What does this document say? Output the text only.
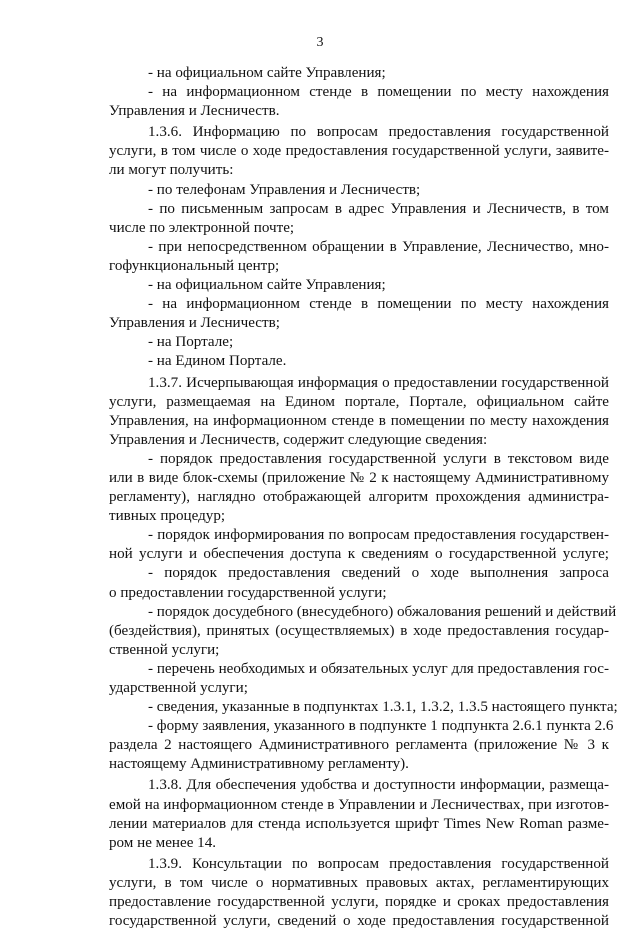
3
- на официальном сайте Управления;
- на информационном стенде в помещении по месту нахождения
Управления и Лесничеств.
1.3.6. Информацию по вопросам предоставления государственной
услуги, в том числе о ходе предоставления государственной услуги, заявите-
ли могут получить:
- по телефонам Управления и Лесничеств;
- по письменным запросам в адрес Управления и Лесничеств, в том
числе по электронной почте;
- при непосредственном обращении в Управление, Лесничество, мно-
гофункциональный центр;
- на официальном сайте Управления;
- на информационном стенде в помещении по месту нахождения
Управления и Лесничеств;
- на Портале;
- на Едином Портале.
1.3.7. Исчерпывающая информация о предоставлении государственной
услуги, размещаемая на Едином портале, Портале, официальном сайте
Управления, на информационном стенде в помещении по месту нахождения
Управления и Лесничеств, содержит следующие сведения:
- порядок предоставления государственной услуги в текстовом виде
или в виде блок-схемы (приложение № 2 к настоящему Административному
регламенту), наглядно отображающей алгоритм прохождения администра-
тивных процедур;
- порядок информирования по вопросам предоставления государствен-
ной услуги и обеспечения доступа к сведениям о государственной услуге;
- порядок предоставления сведений о ходе выполнения запроса
о предоставлении государственной услуги;
- порядок досудебного (внесудебного) обжалования решений и действий
(бездействия), принятых (осуществляемых) в ходе предоставления государ-
ственной услуги;
- перечень необходимых и обязательных услуг для предоставления гос-
ударственной услуги;
- сведения, указанные в подпунктах 1.3.1, 1.3.2, 1.3.5 настоящего пункта;
- форму заявления, указанного в подпункте 1 подпункта 2.6.1 пункта 2.6
раздела 2 настоящего Административного регламента (приложение № 3 к
настоящему Административному регламенту).
1.3.8. Для обеспечения удобства и доступности информации, размеща-
емой на информационном стенде в Управлении и Лесничествах, при изготов-
лении материалов для стенда используется шрифт Times New Roman разме-
ром не менее 14.
1.3.9. Консультации по вопросам предоставления государственной
услуги, в том числе о нормативных правовых актах, регламентирующих
предоставление государственной услуги, порядке и сроках предоставления
государственной услуги, сведений о ходе предоставления государственной
